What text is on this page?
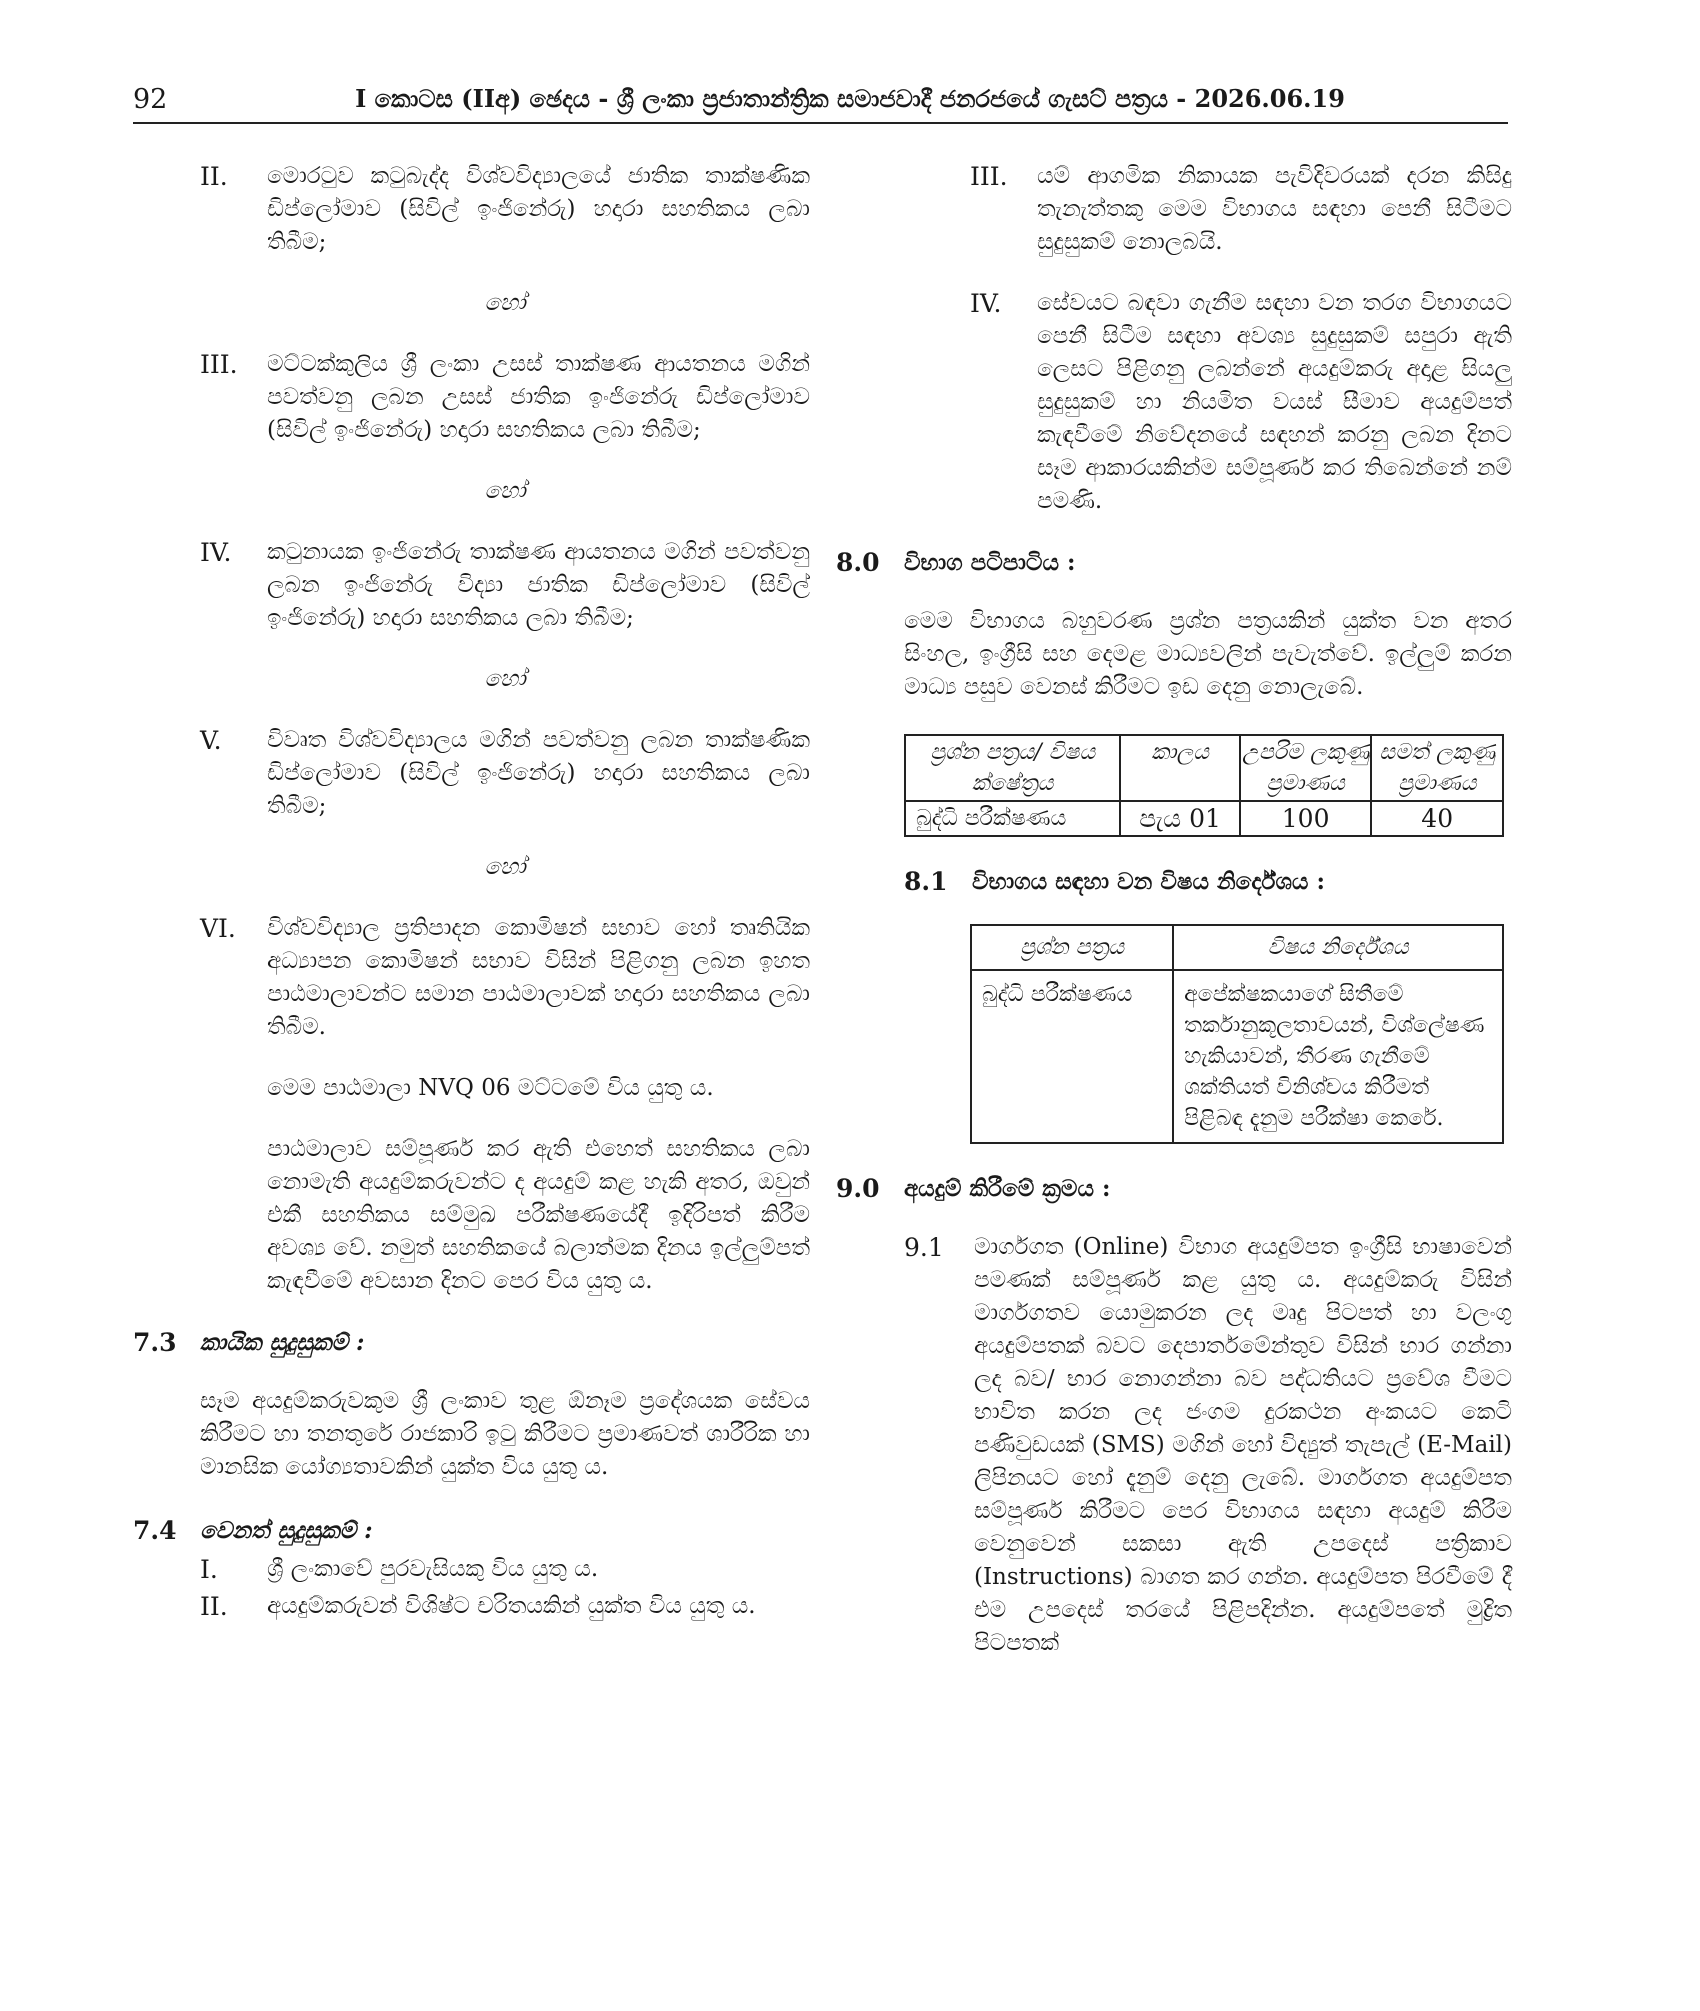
92	I කොටස (IIඅ) ඡෙදය - ශ්‍රී ලංකා ප්‍රජාතාන්ත්‍රික සමාජවාදී ජනරජයේ ගැසට් පත්‍රය - 2026.06.19
II.	මොරටුව කටුබැද්ද විශ්වවිද්‍යාලයේ ජාතික තාක්ෂණික ඩිප්ලෝමාව (සිවිල් ඉංජිනේරු) හදාරා සහතිකය ලබා තිබීම;
හෝ
III.	මට්ටක්කුලිය ශ්‍රී ලංකා උසස් තාක්ෂණ ආයතනය මගින් පවත්වනු ලබන උසස් ජාතික ඉංජිනේරු ඩිප්ලෝමාව (සිවිල් ඉංජිනේරු) හදාරා සහතිකය ලබා තිබීම;
හෝ
IV.	කටුනායක ඉංජිනේරු තාක්ෂණ ආයතනය මගින් පවත්වනු ලබන ඉංජිනේරු විද්‍යා ජාතික ඩිප්ලෝමාව (සිවිල් ඉංජිනේරු) හදාරා සහතිකය ලබා තිබීම;
හෝ
V.	විවෘත විශ්වවිද්‍යාලය මගින් පවත්වනු ලබන තාක්ෂණික ඩිප්ලෝමාව (සිවිල් ඉංජිනේරු) හදාරා සහතිකය ලබා තිබීම;
හෝ
VI.	විශ්වවිද්‍යාල ප්‍රතිපාදන කොමිෂන් සභාව හෝ තෘතියික අධ්‍යාපන කොමිෂන් සභාව විසින් පිළිගනු ලබන ඉහත පාඨමාලාවන්ට සමාන පාඨමාලාවක් හදාරා සහතිකය ලබා තිබීම.
මෙම පාඨමාලා NVQ 06 මට්ටමේ විය යුතු ය.
පාඨමාලාව සම්පූර්ණ කර ඇති එහෙත් සහතිකය ලබා නොමැති අයදුම්කරුවන්ට ද අයදුම් කළ හැකි අතර, ඔවුන් එකී සහතිකය සම්මුඛ පරීක්ෂණයේදී ඉදිරිපත් කිරීම අවශ්‍ය වේ. නමුත් සහතිකයේ බලාත්මක දිනය ඉල්ලුම්පත් කැඳවීමේ අවසාන දිනට පෙර විය යුතු ය.
7.3	කායික සුදුසුකම් :
සෑම අයදුම්කරුවකුම ශ්‍රී ලංකාව තුළ ඕනෑම ප්‍රදේශයක සේවය කිරීමට හා තනතුරේ රාජකාරි ඉටු කිරීමට ප්‍රමාණවත් ශාරීරික හා මානසික යෝග්‍යතාවකින් යුක්ත විය යුතු ය.
7.4	වෙනත් සුදුසුකම් :
I.	ශ්‍රී ලංකාවේ පුරවැසියකු විය යුතු ය.
II.	අයදුම්කරුවන් විශිෂ්ට චරිතයකින් යුක්ත විය යුතු ය.
III.	යම් ආගමික නිකායක පැවිදිවරයක් දරන කිසිදු තැනැත්තකු මෙම විභාගය සඳහා පෙනී සිටීමට සුදුසුකම් නොලබයි.
IV.	සේවයට බඳවා ගැනීම සඳහා වන තරග විභාගයට පෙනී සිටීම සඳහා අවශ්‍ය සුදුසුකම් සපුරා ඇති ලෙසට පිළිගනු ලබන්නේ අයදුම්කරු අදාළ සියලු සුදුසුකම් හා නියමිත වයස් සීමාව අයදුම්පත් කැඳවීමේ නිවේදනයේ සඳහන් කරනු ලබන දිනට සෑම ආකාරයකින්ම සම්පූර්ණ කර තිබෙන්නේ නම් පමණි.
8.0	විභාග පටිපාටිය :
මෙම විභාගය බහුවරණ ප්‍රශ්න පත්‍රයකින් යුක්ත වන අතර සිංහල, ඉංග්‍රීසි සහ දෙමළ මාධ්‍යවලින් පැවැත්වේ. ඉල්ලුම් කරන මාධ්‍ය පසුව වෙනස් කිරීමට ඉඩ දෙනු නොලැබේ.
ප්‍රශ්න පත්‍රය/ විෂය ක්ෂේත්‍රය	කාලය	උපරිම ලකුණු ප්‍රමාණය	සමත් ලකුණු ප්‍රමාණය
බුද්ධි පරීක්ෂණය	පැය 01	100	40
8.1	විභාගය සඳහා වන විෂය නිර්දේශය :
ප්‍රශ්න පත්‍රය	විෂය නිර්දේශය
බුද්ධි පරීක්ෂණය	අපේක්ෂකයාගේ සිතීමේ තර්කානුකූලතාවයන්, විශ්ලේෂණ හැකියාවන්, තීරණ ගැනීමේ ශක්තියත් විනිශ්චය කිරීමත් පිළිබඳ දැනුම පරීක්ෂා කෙරේ.
9.0	අයදුම් කිරීමේ ක්‍රමය :
9.1	මාර්ගගත (Online) විභාග අයදුම්පත ඉංග්‍රීසි භාෂාවෙන් පමණක් සම්පූර්ණ කළ යුතු ය. අයදුම්කරු විසින් මාර්ගගතව යොමුකරන ලද මෘදු පිටපත් හා වලංගු අයදුම්පතක් බවට දෙපාර්තමේන්තුව විසින් භාර ගන්නා ලද බව/ භාර නොගන්නා බව පද්ධතියට ප්‍රවේශ වීමට භාවිත කරන ලද ජංගම දුරකථන අංකයට කෙටි පණිවුඩයක් (SMS) මගින් හෝ විද්‍යුත් තැපැල් (E-Mail) ලිපිනයට හෝ දැනුම් දෙනු ලැබේ. මාර්ගගත අයදුම්පත සම්පූර්ණ කිරීමට පෙර විභාගය සඳහා අයදුම් කිරීම වෙනුවෙන් සකසා ඇති උපදෙස් පත්‍රිකාව (Instructions) බාගත කර ගන්න. අයදුම්පත පිරවීමේ දී එම උපදෙස් තරයේ පිළිපදින්න. අයදුම්පතේ මුද්‍රිත පිටපතක්
